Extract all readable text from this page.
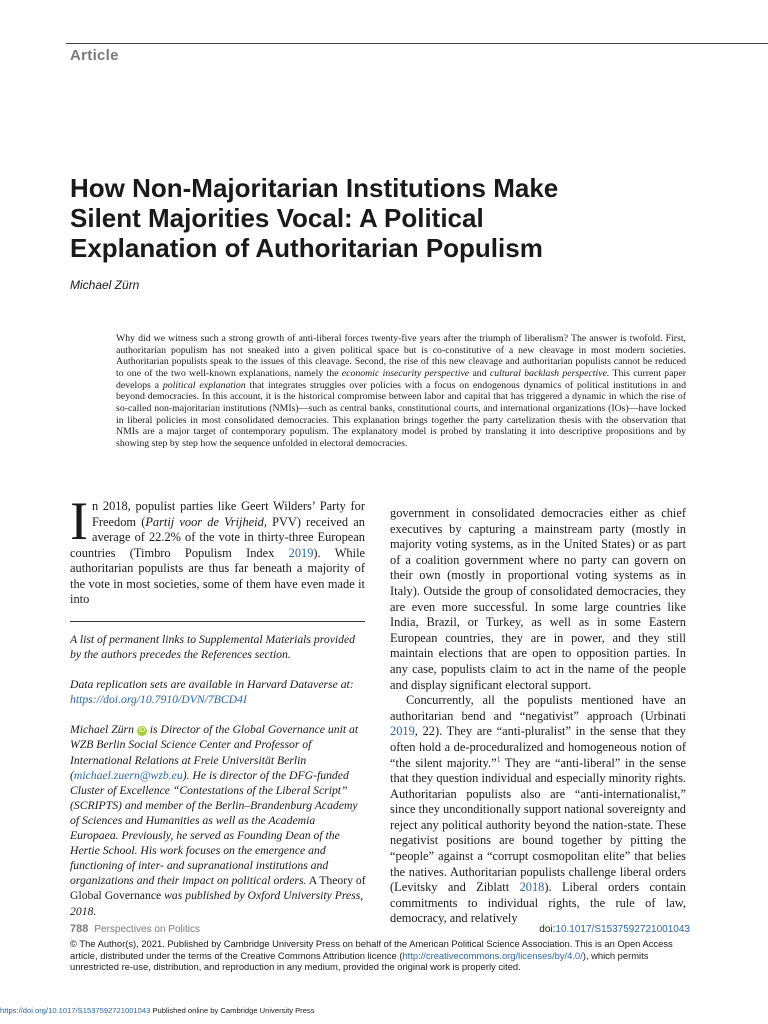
Article
How Non-Majoritarian Institutions Make
Silent Majorities Vocal: A Political
Explanation of Authoritarian Populism
Michael Zürn
Why did we witness such a strong growth of anti-liberal forces twenty-five years after the triumph of liberalism? The answer is twofold. First, authoritarian populism has not sneaked into a given political space but is co-constitutive of a new cleavage in most modern societies. Authoritarian populists speak to the issues of this cleavage. Second, the rise of this new cleavage and authoritarian populists cannot be reduced to one of the two well-known explanations, namely the economic insecurity perspective and cultural backlash perspective. This current paper develops a political explanation that integrates struggles over policies with a focus on endogenous dynamics of political institutions in and beyond democracies. In this account, it is the historical compromise between labor and capital that has triggered a dynamic in which the rise of so-called non-majoritarian institutions (NMIs)—such as central banks, constitutional courts, and international organizations (IOs)—have locked in liberal policies in most consolidated democracies. This explanation brings together the party cartelization thesis with the observation that NMIs are a major target of contemporary populism. The explanatory model is probed by translating it into descriptive propositions and by showing step by step how the sequence unfolded in electoral democracies.
I n 2018, populist parties like Geert Wilders’ Party for Freedom (Partij voor de Vrijheid, PVV) received an average of 22.2% of the vote in thirty-three European countries (Timbro Populism Index 2019). While authoritarian populists are thus far beneath a majority of the vote in most societies, some of them have even made it into

A list of permanent links to Supplemental Materials provided by the authors precedes the References section.

Data replication sets are available in Harvard Dataverse at: https://doi.org/10.7910/DVN/7BCD4I

Michael Zürn iD is Director of the Global Governance unit at WZB Berlin Social Science Center and Professor of International Relations at Freie Universität Berlin (michael.zuern@wzb.eu). He is director of the DFG-funded Cluster of Excellence “Contestations of the Liberal Script” (SCRIPTS) and member of the Berlin–Brandenburg Academy of Sciences and Humanities as well as the Academia Europaea. Previously, he served as Founding Dean of the Hertie School. His work focuses on the emergence and functioning of inter- and supranational institutions and organizations and their impact on political orders. A Theory of Global Governance was published by Oxford University Press, 2018.

government in consolidated democracies either as chief executives by capturing a mainstream party (mostly in majority voting systems, as in the United States) or as part of a coalition government where no party can govern on their own (mostly in proportional voting systems as in Italy). Outside the group of consolidated democracies, they are even more successful. In some large countries like India, Brazil, or Turkey, as well as in some Eastern European countries, they are in power, and they still maintain elections that are open to opposition parties. In any case, populists claim to act in the name of the people and display significant electoral support.

Concurrently, all the populists mentioned have an authoritarian bend and “negativist” approach (Urbinati 2019, 22). They are “anti-pluralist” in the sense that they often hold a de-proceduralized and homogeneous notion of “the silent majority.”$^1$ They are “anti-liberal” in the sense that they question individual and especially minority rights. Authoritarian populists also are “anti-internationalist,” since they unconditionally support national sovereignty and reject any political authority beyond the nation-state. These negativist positions are bound together by pitting the “people” against a “corrupt cosmopolitan elite” that belies the natives. Authoritarian populists challenge liberal orders (Levitsky and Ziblatt 2018). Liberal orders contain commitments to individual rights, the rule of law, democracy, and relatively

788 Perspectives on Politics	doi:10.1017/S1537592721001043
© The Author(s), 2021. Published by Cambridge University Press on behalf of the American Political Science Association. This is an Open Access article, distributed under the terms of the Creative Commons Attribution licence (http://creativecommons.org/licenses/by/4.0/), which permits unrestricted re-use, distribution, and reproduction in any medium, provided the original work is properly cited.
https://doi.org/10.1017/S1537592721001043 Published online by Cambridge University Press
